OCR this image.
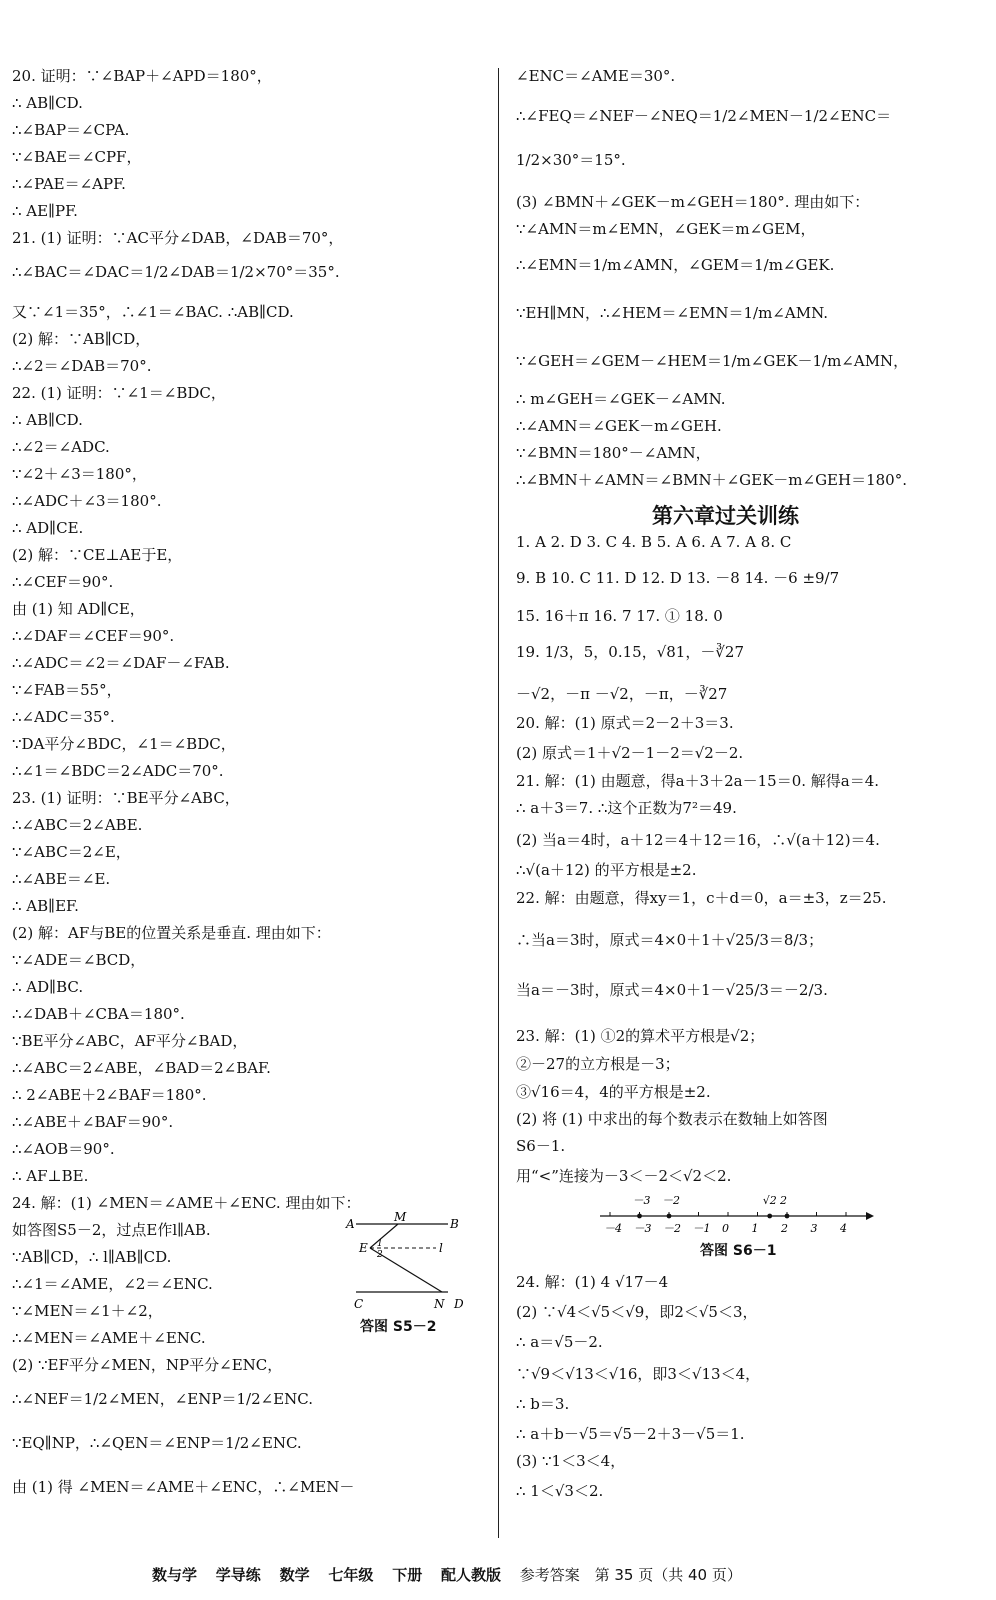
20. 证明：∵∠BAP＋∠APD＝180°，
∴ AB∥CD.
∴∠BAP＝∠CPA.
∵∠BAE＝∠CPF，
∴∠PAE＝∠APF.
∴ AE∥PF.
21. (1) 证明：∵AC平分∠DAB，∠DAB＝70°，
∴∠BAC＝∠DAC＝1/2∠DAB＝1/2×70°＝35°.
又∵∠1＝35°，∴∠1＝∠BAC. ∴AB∥CD.
(2) 解：∵AB∥CD，
∴∠2＝∠DAB＝70°.
22. (1) 证明：∵∠1＝∠BDC，
∴ AB∥CD.
∴∠2＝∠ADC.
∵∠2＋∠3＝180°，
∴∠ADC＋∠3＝180°.
∴ AD∥CE.
(2) 解：∵CE⊥AE于E，
∴∠CEF＝90°.
由 (1) 知 AD∥CE，
∴∠DAF＝∠CEF＝90°.
∴∠ADC＝∠2＝∠DAF－∠FAB.
∵∠FAB＝55°，
∴∠ADC＝35°.
∵DA平分∠BDC，∠1＝∠BDC，
∴∠1＝∠BDC＝2∠ADC＝70°.
23. (1) 证明：∵BE平分∠ABC，
∴∠ABC＝2∠ABE.
∵∠ABC＝2∠E，
∴∠ABE＝∠E.
∴ AB∥EF.
(2) 解：AF与BE的位置关系是垂直. 理由如下：
∵∠ADE＝∠BCD，
∴ AD∥BC.
∴∠DAB＋∠CBA＝180°.
∵BE平分∠ABC，AF平分∠BAD，
∴∠ABC＝2∠ABE，∠BAD＝2∠BAF.
∴ 2∠ABE＋2∠BAF＝180°.
∴∠ABE＋∠BAF＝90°.
∴∠AOB＝90°.
∴ AF⊥BE.
24. 解：(1) ∠MEN＝∠AME＋∠ENC. 理由如下：
如答图S5－2，过点E作l∥AB.
∵AB∥CD，∴ l∥AB∥CD.
∴∠1＝∠AME，∠2＝∠ENC.
∵∠MEN＝∠1＋∠2，
∴∠MEN＝∠AME＋∠ENC.
(2) ∵EF平分∠MEN，NP平分∠ENC，
∴∠NEF＝1/2∠MEN，∠ENP＝1/2∠ENC.
∵EQ∥NP，∴∠QEN＝∠ENP＝1/2∠ENC.
由 (1) 得 ∠MEN＝∠AME＋∠ENC，∴∠MEN－
∠ENC＝∠AME＝30°.
∴∠FEQ＝∠NEF－∠NEQ＝1/2∠MEN－1/2∠ENC＝
1/2×30°＝15°.
(3) ∠BMN＋∠GEK－m∠GEH＝180°. 理由如下：
∵∠AMN＝m∠EMN，∠GEK＝m∠GEM，
∴∠EMN＝1/m∠AMN，∠GEM＝1/m∠GEK.
∵EH∥MN，∴∠HEM＝∠EMN＝1/m∠AMN.
∵∠GEH＝∠GEM－∠HEM＝1/m∠GEK－1/m∠AMN，
∴ m∠GEH＝∠GEK－∠AMN.
∴∠AMN＝∠GEK－m∠GEH.
∵∠BMN＝180°－∠AMN，
∴∠BMN＋∠AMN＝∠BMN＋∠GEK－m∠GEH＝180°.
1. A 2. D 3. C 4. B 5. A 6. A 7. A 8. C
9. B 10. C 11. D 12. D 13. －8 14. －6 ±9/7
15. 16＋π 16. 7 17. ① 18. 0
19. 1/3，5，0.15，√81，－∛27
－√2，－π －√2，－π，－∛27
20. 解：(1) 原式＝2－2＋3＝3.
(2) 原式＝1＋√2－1－2＝√2－2.
21. 解：(1) 由题意，得a＋3＋2a－15＝0. 解得a＝4.
∴ a＋3＝7. ∴这个正数为7²＝49.
(2) 当a＝4时，a＋12＝4＋12＝16，∴√(a＋12)＝4.
∴√(a＋12) 的平方根是±2.
22. 解：由题意，得xy＝1，c＋d＝0，a＝±3，z＝25.
∴当a＝3时，原式＝4×0＋1＋√25/3＝8/3；
当a＝－3时，原式＝4×0＋1－√25/3＝－2/3.
23. 解：(1) ①2的算术平方根是√2；
②－27的立方根是－3；
③√16＝4，4的平方根是±2.
(2) 将 (1) 中求出的每个数表示在数轴上如答图
S6－1.
用“<”连接为－3＜－2＜√2＜2.
24. 解：(1) 4 √17－4
(2) ∵√4＜√5＜√9，即2＜√5＜3，
∴ a＝√5－2.
∵√9＜√13＜√16，即3＜√13＜4，
∴ b＝3.
∴ a＋b－√5＝√5－2＋3－√5＝1.
(3) ∵1＜3＜4，
∴ 1＜√3＜2.
第六章过关训练
A	M	B
E 1
2	l
C	N D
答图 S5－2
－4 －3 －2 －1 0 1 2 3 4
－3 －2	√2 2
答图 S6－1
数与学 学导练 数学 七年级 下册 配人教版 参考答案 第 35 页（共 40 页）
